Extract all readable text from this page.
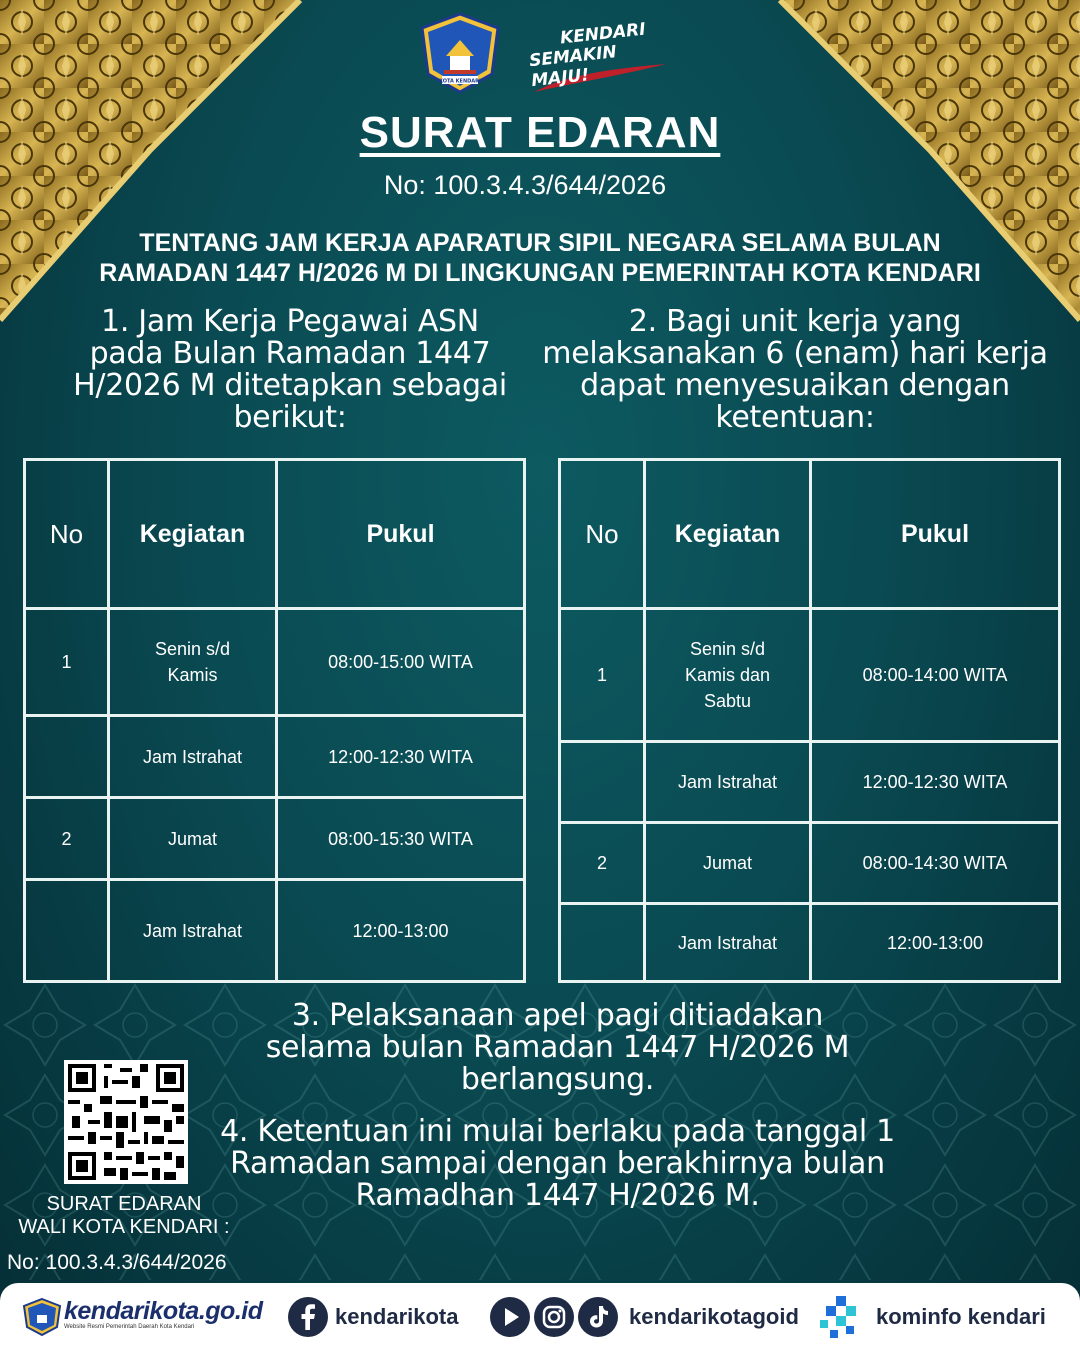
KOTA KENDARI
KENDARI
SEMAKIN MAJU!
SURAT EDARAN
No: 100.3.4.3/644/2026
TENTANG JAM KERJA APARATUR SIPIL NEGARA SELAMA BULAN
RAMADAN 1447 H/2026 M DI LINGKUNGAN PEMERINTAH KOTA KENDARI
1. Jam Kerja Pegawai ASN
pada Bulan Ramadan 1447
H/2026 M ditetapkan sebagai
berikut:
2. Bagi unit kerja yang
melaksanakan 6 (enam) hari kerja
dapat menyesuaikan dengan
ketentuan:
No	Kegiatan	Pukul
1	Senin s/d
Kamis	08:00-15:00 WITA
	Jam Istrahat	12:00-12:30 WITA
2	Jumat	08:00-15:30 WITA
	Jam Istrahat	12:00-13:00
No	Kegiatan	Pukul
1	Senin s/d
Kamis dan
Sabtu	08:00-14:00 WITA
	Jam Istrahat	12:00-12:30 WITA
2	Jumat	08:00-14:30 WITA
	Jam Istrahat	12:00-13:00
3. Pelaksanaan apel pagi ditiadakan
selama bulan Ramadan 1447 H/2026 M
berlangsung.
4. Ketentuan ini mulai berlaku pada tanggal 1
Ramadan sampai dengan berakhirnya bulan
Ramadhan 1447 H/2026 M.
SURAT EDARAN
WALI KOTA KENDARI :
No: 100.3.4.3/644/2026
kendarikota.go.id
Website Resmi Pemerintah Daerah Kota Kendari	kendarikota	kendarikotagoid	kominfo kendari
